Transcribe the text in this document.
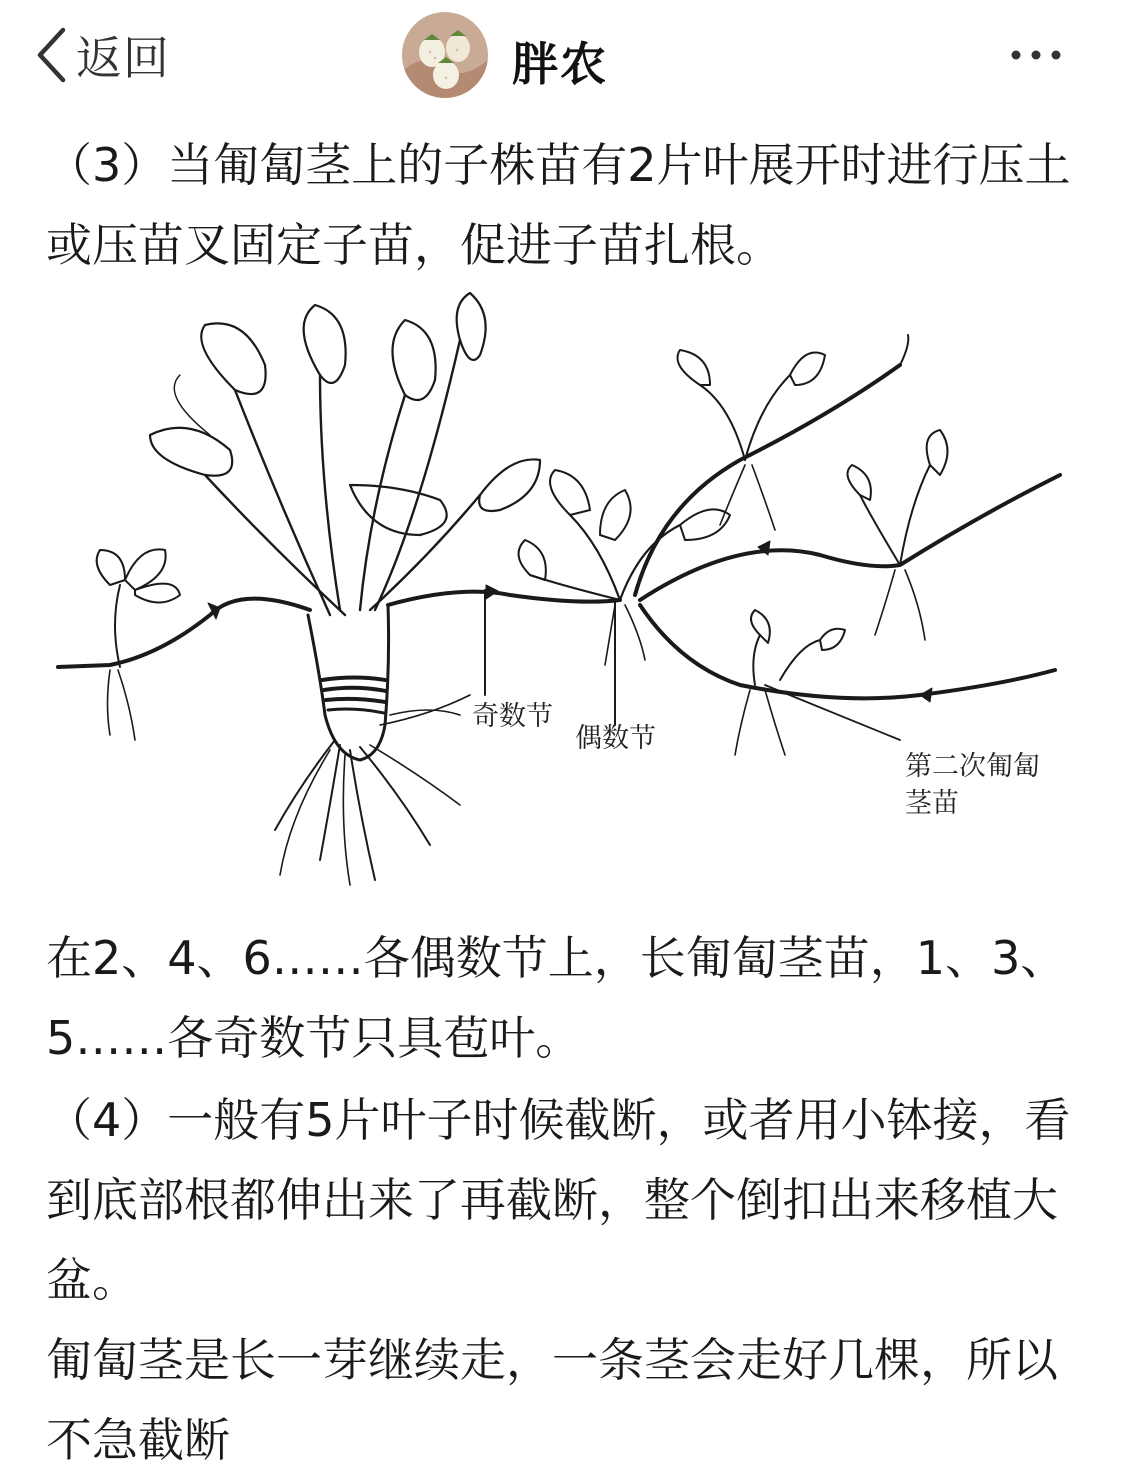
返回	胖农

（3）当匍匐茎上的子株苗有2片叶展开时进行压土或压苗叉固定子苗，促进子苗扎根。

奇数节
偶数节
第二次匍匐
茎苗

在2、4、6……各偶数节上，长匍匐茎苗，1、3、5……各奇数节只具苞叶。

（4）一般有5片叶子时候截断，或者用小钵接，看到底部根都伸出来了再截断，整个倒扣出来移植大盆。

匍匐茎是长一芽继续走，一条茎会走好几棵，所以不急截断
